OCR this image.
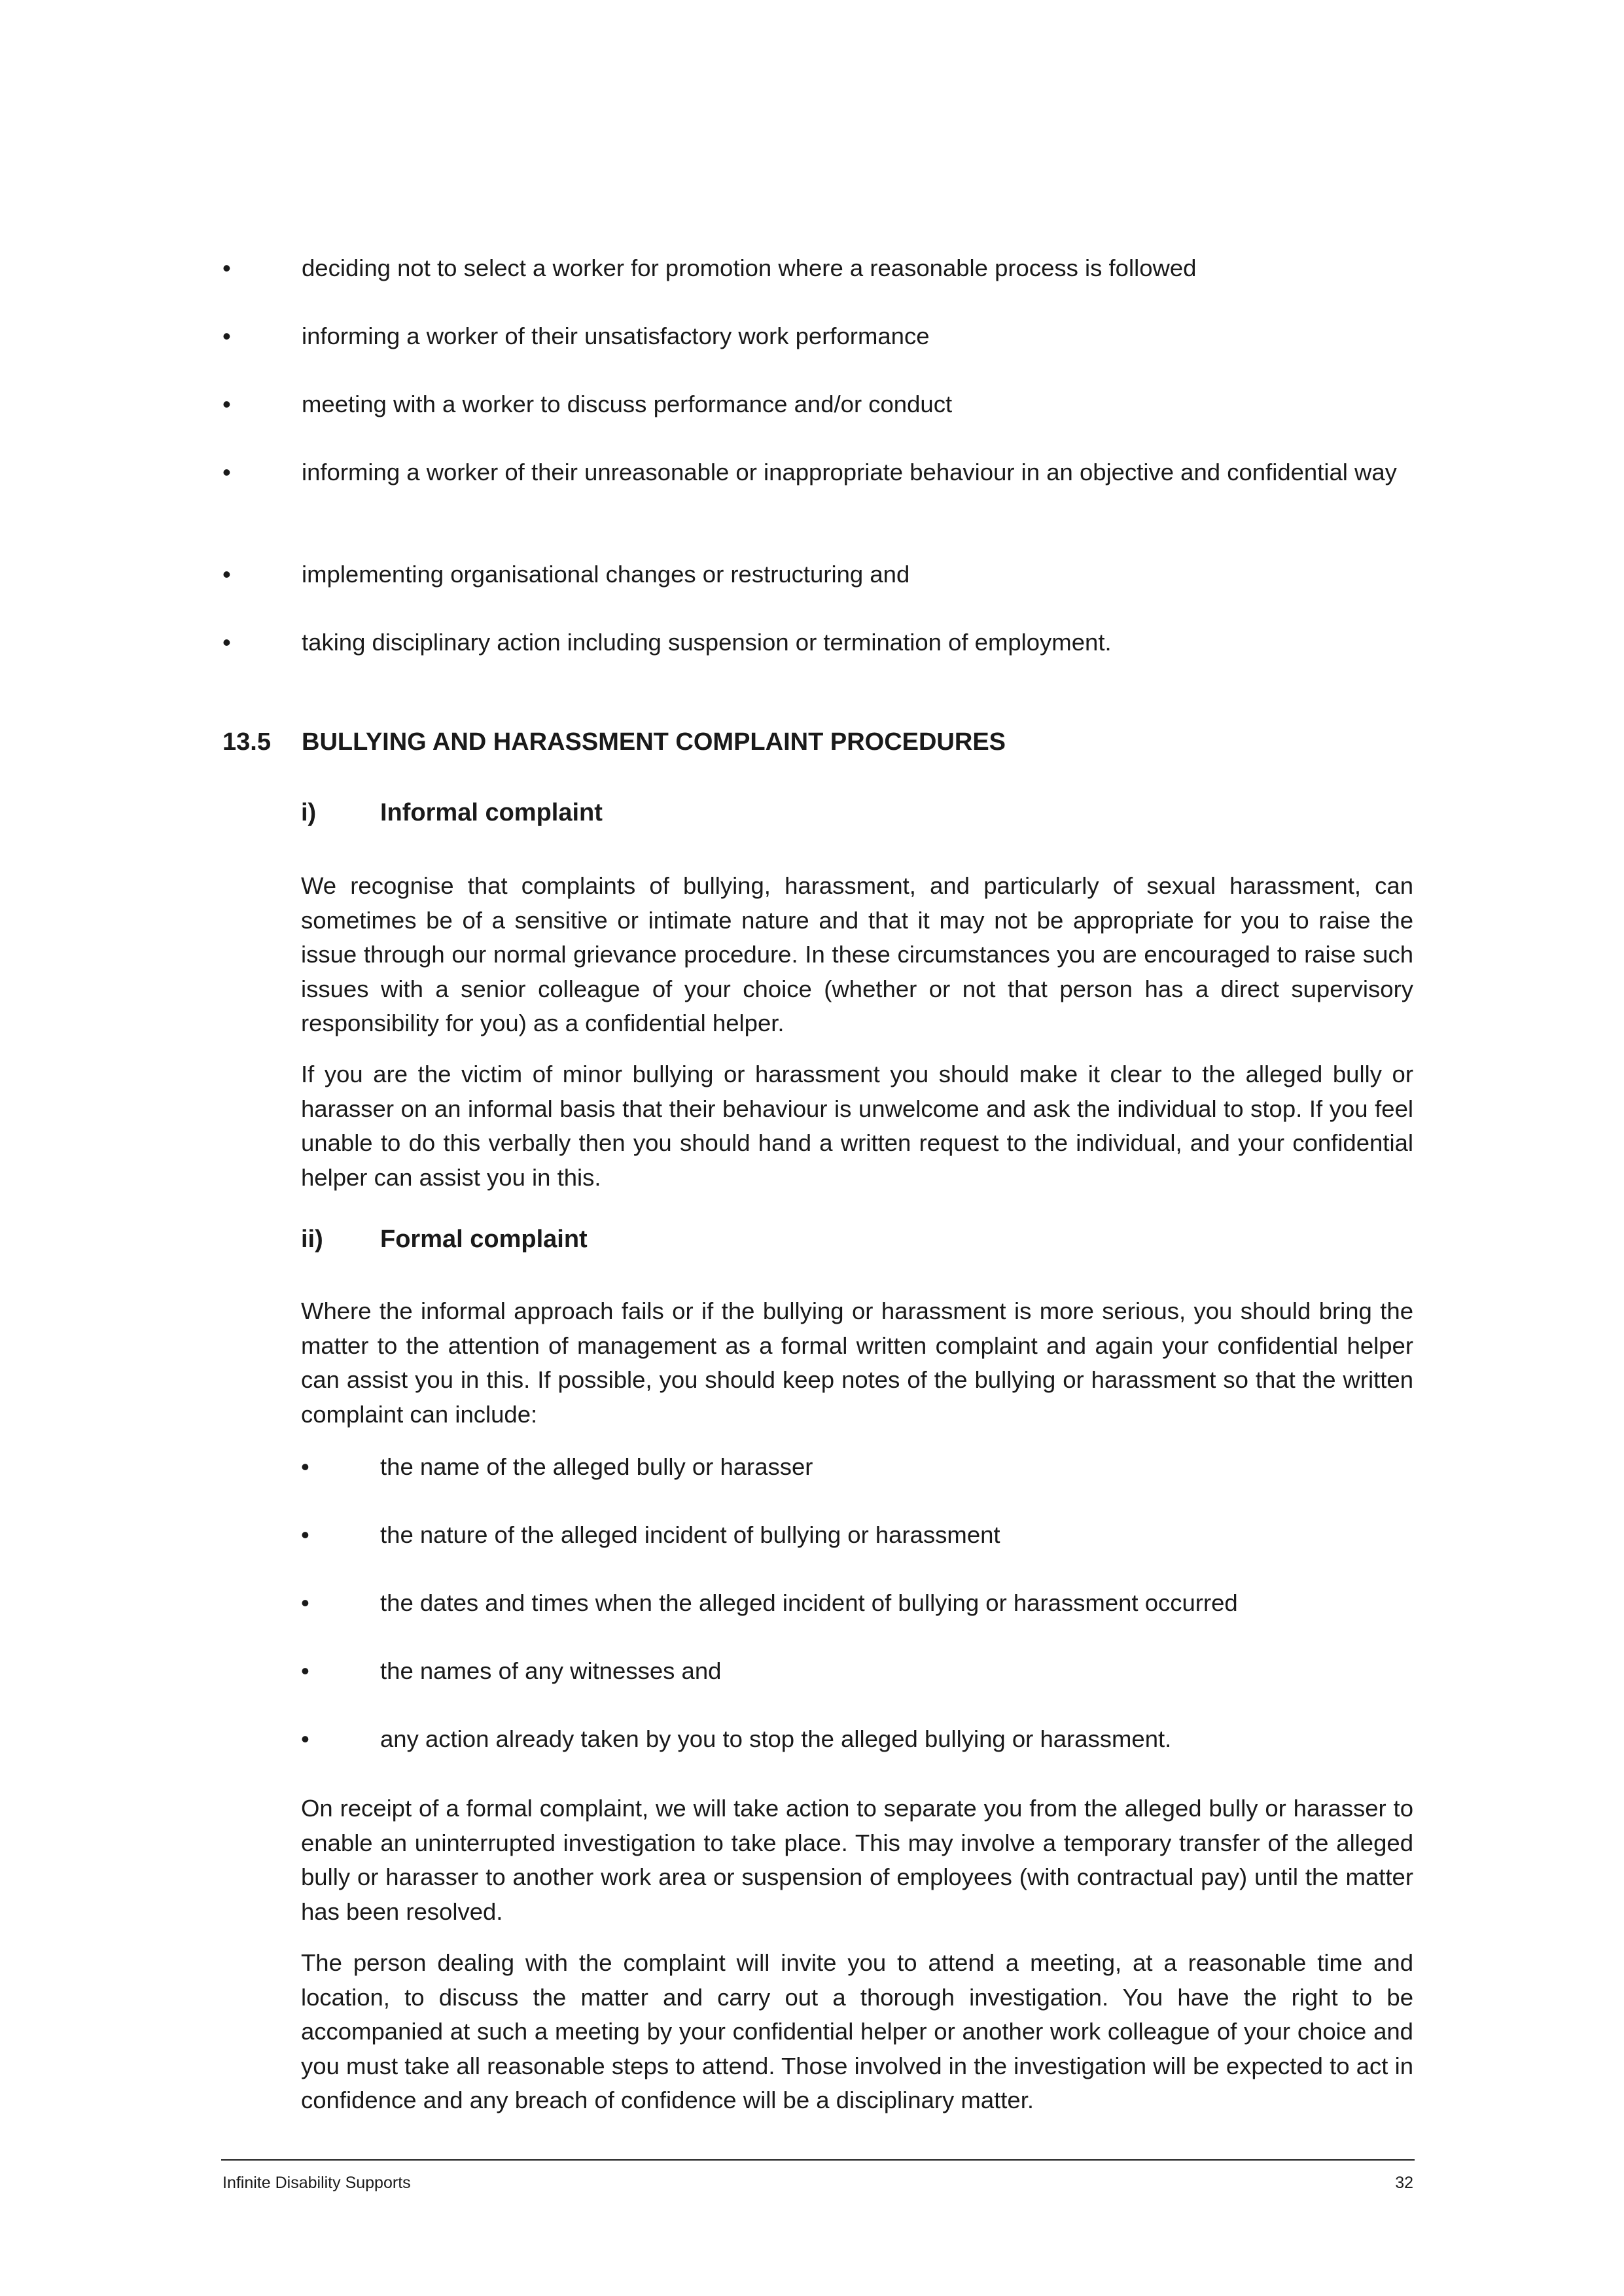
•	deciding not to select a worker for promotion where a reasonable process is followed
•	informing a worker of their unsatisfactory work performance
•	meeting with a worker to discuss performance and/or conduct
•	informing a worker of their unreasonable or inappropriate behaviour in an objective and confidential way
•	implementing organisational changes or restructuring and
•	taking disciplinary action including suspension or termination of employment.
13.5 BULLYING AND HARASSMENT COMPLAINT PROCEDURES
i)	Informal complaint

We recognise that complaints of bullying, harassment, and particularly of sexual harassment, can sometimes be of a sensitive or intimate nature and that it may not be appropriate for you to raise the issue through our normal grievance procedure. In these circumstances you are encouraged to raise such issues with a senior colleague of your choice (whether or not that person has a direct supervisory responsibility for you) as a confidential helper.

If you are the victim of minor bullying or harassment you should make it clear to the alleged bully or harasser on an informal basis that their behaviour is unwelcome and ask the individual to stop. If you feel unable to do this verbally then you should hand a written request to the individual, and your confidential helper can assist you in this.

ii) Formal complaint

Where the informal approach fails or if the bullying or harassment is more serious, you should bring the matter to the attention of management as a formal written complaint and again your confidential helper can assist you in this. If possible, you should keep notes of the bullying or harassment so that the written complaint can include:

•	the name of the alleged bully or harasser
•	the nature of the alleged incident of bullying or harassment
•	the dates and times when the alleged incident of bullying or harassment occurred
•	the names of any witnesses and
•	any action already taken by you to stop the alleged bullying or harassment.

On receipt of a formal complaint, we will take action to separate you from the alleged bully or harasser to enable an uninterrupted investigation to take place. This may involve a temporary transfer of the alleged bully or harasser to another work area or suspension of employees (with contractual pay) until the matter has been resolved.

The person dealing with the complaint will invite you to attend a meeting, at a reasonable time and location, to discuss the matter and carry out a thorough investigation. You have the right to be accompanied at such a meeting by your confidential helper or another work colleague of your choice and you must take all reasonable steps to attend. Those involved in the investigation will be expected to act in confidence and any breach of confidence will be a disciplinary matter.

Infinite Disability Supports	32
